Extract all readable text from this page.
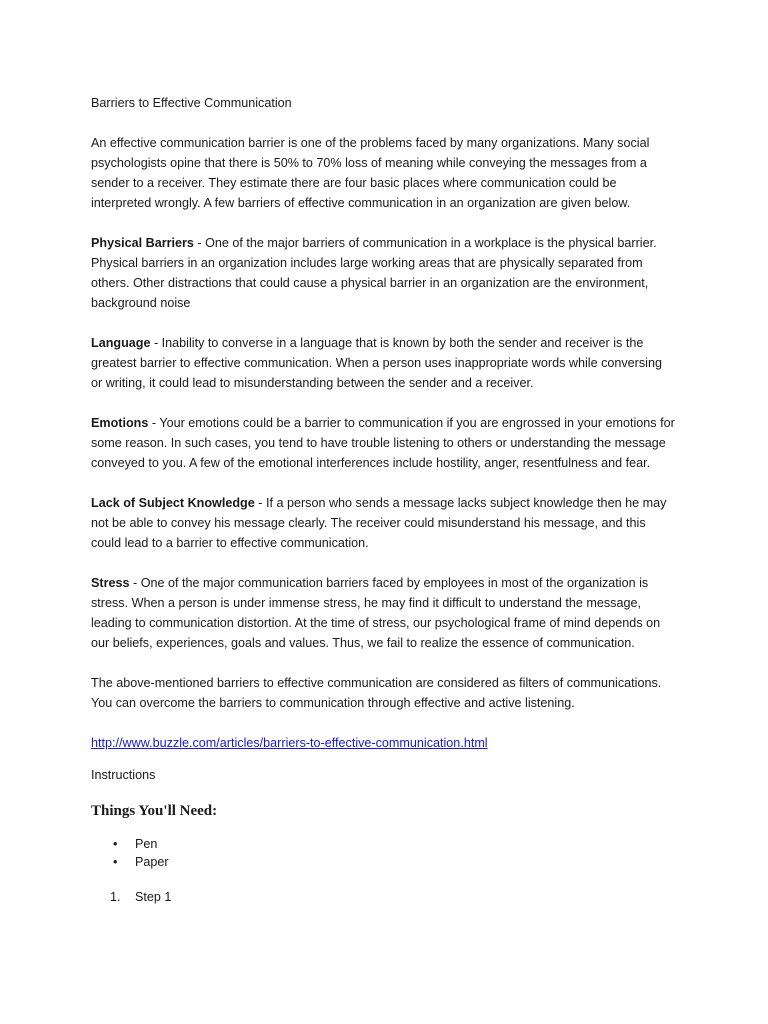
Barriers to Effective Communication

An effective communication barrier is one of the problems faced by many organizations. Many social psychologists opine that there is 50% to 70% loss of meaning while conveying the messages from a sender to a receiver. They estimate there are four basic places where communication could be interpreted wrongly. A few barriers of effective communication in an organization are given below.

Physical Barriers - One of the major barriers of communication in a workplace is the physical barrier. Physical barriers in an organization includes large working areas that are physically separated from others. Other distractions that could cause a physical barrier in an organization are the environment, background noise

Language - Inability to converse in a language that is known by both the sender and receiver is the greatest barrier to effective communication. When a person uses inappropriate words while conversing or writing, it could lead to misunderstanding between the sender and a receiver.

Emotions - Your emotions could be a barrier to communication if you are engrossed in your emotions for some reason. In such cases, you tend to have trouble listening to others or understanding the message conveyed to you. A few of the emotional interferences include hostility, anger, resentfulness and fear.

Lack of Subject Knowledge - If a person who sends a message lacks subject knowledge then he may not be able to convey his message clearly. The receiver could misunderstand his message, and this could lead to a barrier to effective communication.

Stress - One of the major communication barriers faced by employees in most of the organization is stress. When a person is under immense stress, he may find it difficult to understand the message, leading to communication distortion. At the time of stress, our psychological frame of mind depends on our beliefs, experiences, goals and values. Thus, we fail to realize the essence of communication.

The above-mentioned barriers to effective communication are considered as filters of communications. You can overcome the barriers to communication through effective and active listening.

http://www.buzzle.com/articles/barriers-to-effective-communication.html
Instructions
Things You'll Need:
• Pen
• Paper
1. Step 1
